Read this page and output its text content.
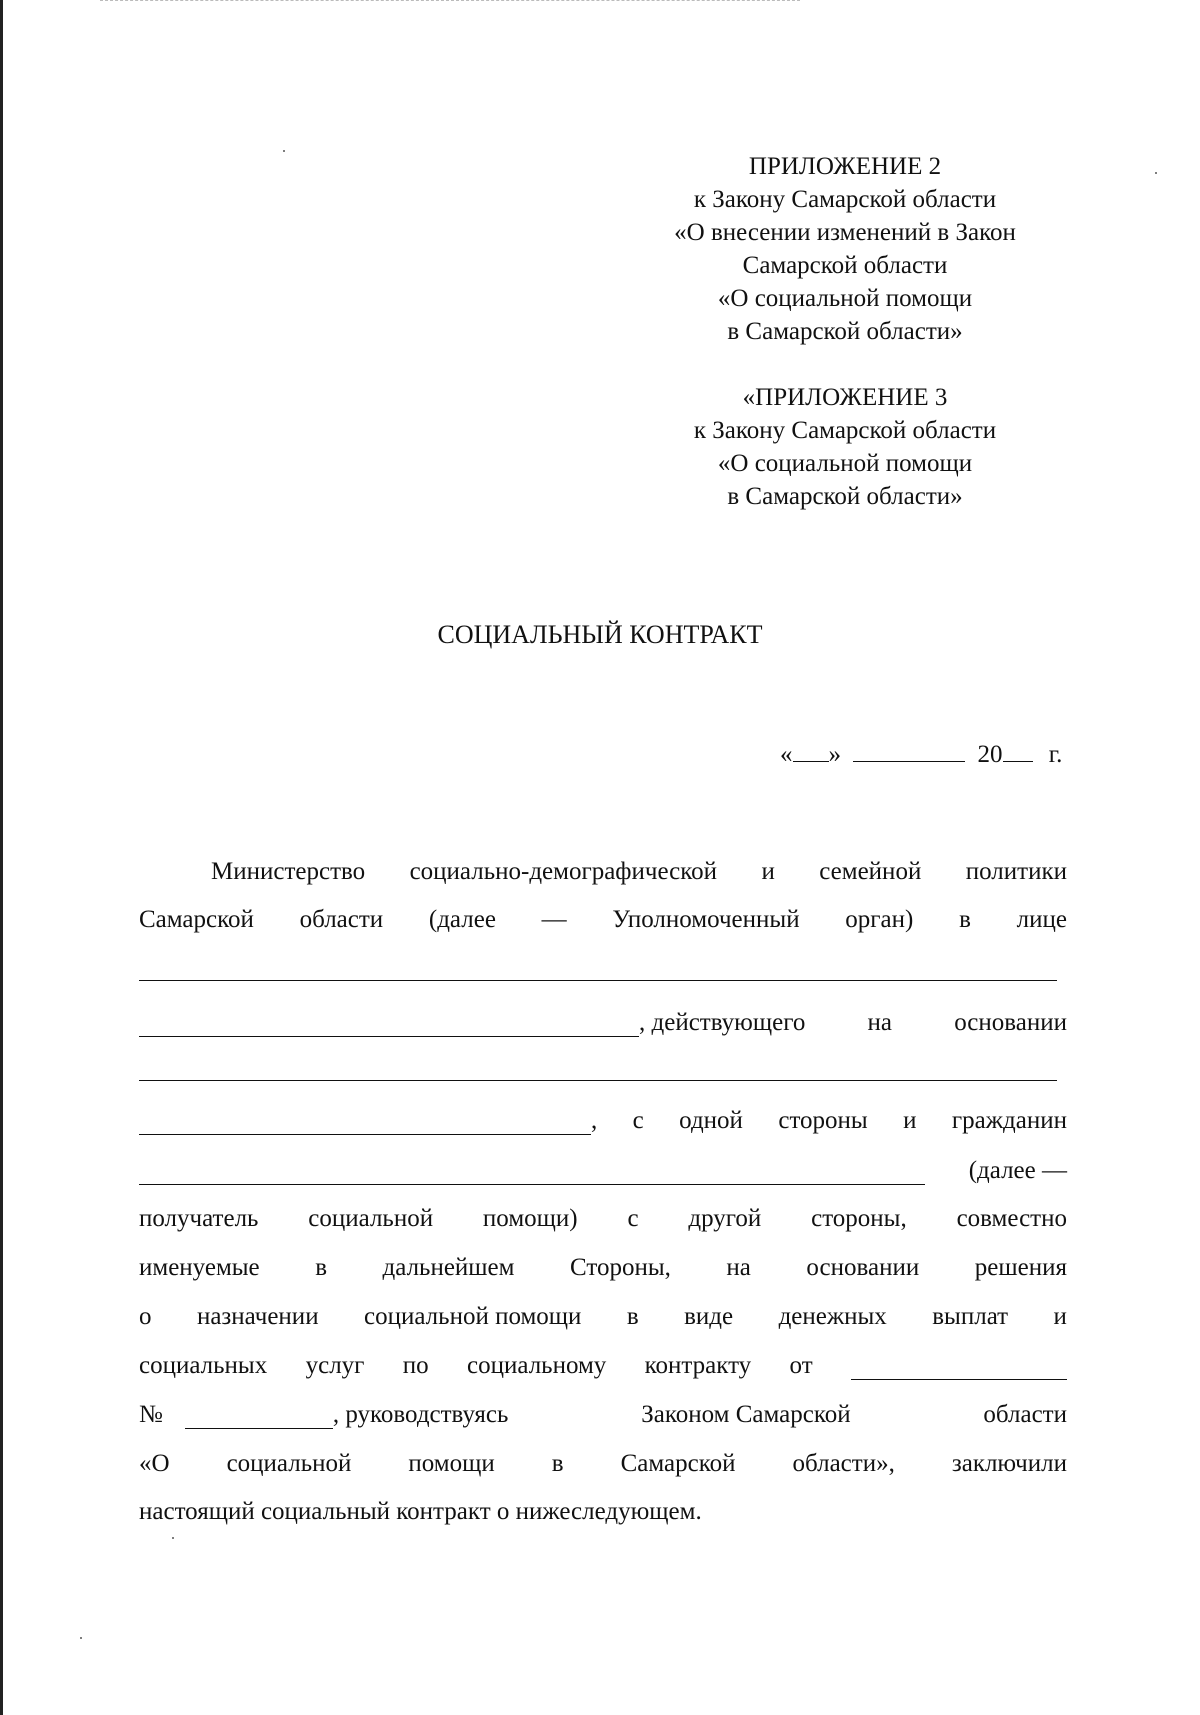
ПРИЛОЖЕНИЕ 2
к Закону Самарской области
«О внесении изменений в Закон
Самарской области
«О социальной помощи
в Самарской области»
«ПРИЛОЖЕНИЕ 3
к Закону Самарской области
«О социальной помощи
в Самарской области»
СОЦИАЛЬНЫЙ КОНТРАКТ
« »	20 г.
Министерство социально-демографической и семейной политики
Самарской области (далее — Уполномоченный орган) в лице
, действующего на основании
, с одной стороны и гражданин
(далее —
получатель социальной помощи) с другой стороны, совместно
именуемые в дальнейшем Стороны, на основании решения
о назначении социальной помощи в виде денежных выплат и
социальных услуг по социальному контракту от
№	, руководствуясь	Законом Самарской	области
«О социальной помощи в Самарской области», заключили
настоящий социальный контракт о нижеследующем.
